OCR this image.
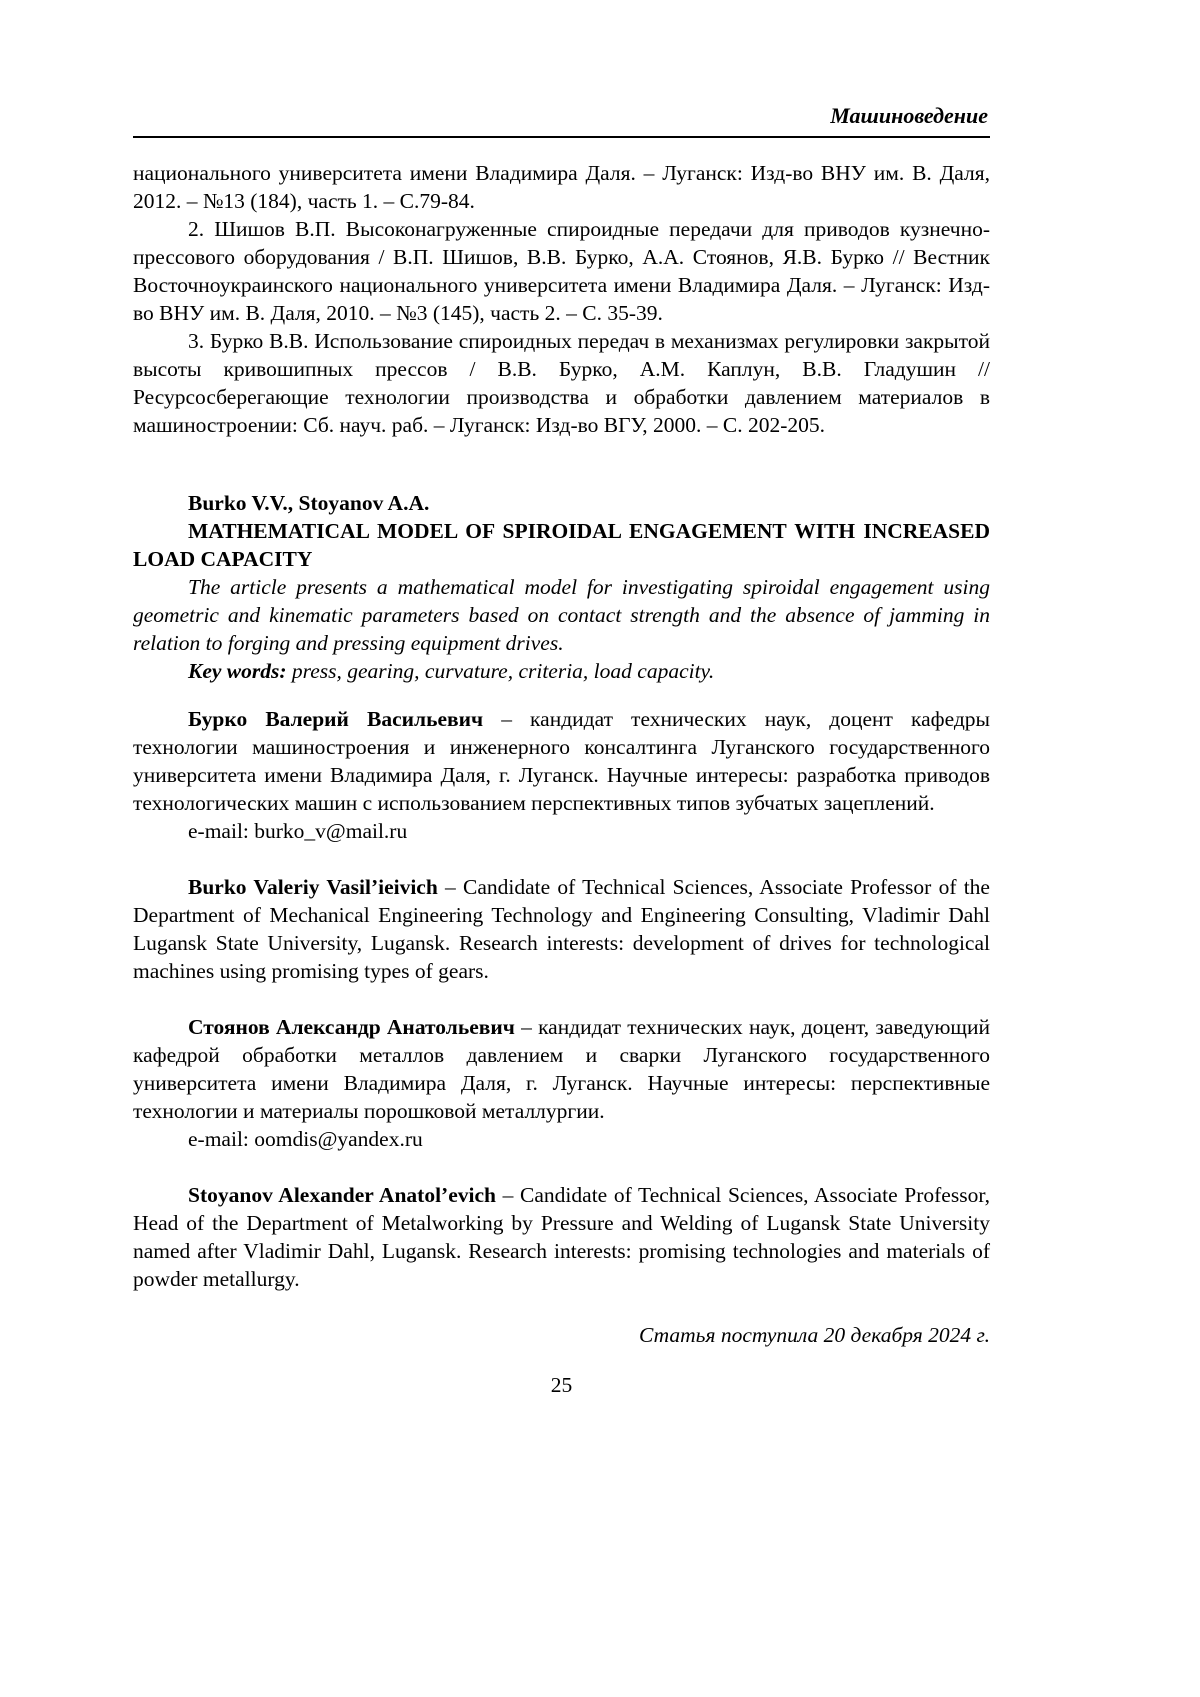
Машиноведение

национального университета имени Владимира Даля. – Луганск: Изд-во ВНУ им. В. Даля, 2012. – №13 (184), часть 1. – С.79-84.

2. Шишов В.П. Высоконагруженные спироидные передачи для приводов кузнечно-прессового оборудования / В.П. Шишов, В.В. Бурко, А.А. Стоянов, Я.В. Бурко // Вестник Восточноукраинского национального университета имени Владимира Даля. – Луганск: Изд-во ВНУ им. В. Даля, 2010. – №3 (145), часть 2. – С. 35-39.

3. Бурко В.В. Использование спироидных передач в механизмах регулировки закрытой высоты кривошипных прессов / В.В. Бурко, А.М. Каплун, В.В. Гладушин // Ресурсосберегающие технологии производства и обработки давлением материалов в машиностроении: Сб. науч. раб. – Луганск: Изд-во ВГУ, 2000. – С. 202-205.

Burko V.V., Stoyanov A.A.

MATHEMATICAL MODEL OF SPIROIDAL ENGAGEMENT WITH INCREASED LOAD CAPACITY

The article presents a mathematical model for investigating spiroidal engagement using geometric and kinematic parameters based on contact strength and the absence of jamming in relation to forging and pressing equipment drives.

Key words: press, gearing, curvature, criteria, load capacity.

Бурко Валерий Васильевич – кандидат технических наук, доцент кафедры технологии машиностроения и инженерного консалтинга Луганского государственного университета имени Владимира Даля, г. Луганск. Научные интересы: разработка приводов технологических машин с использованием перспективных типов зубчатых зацеплений.

e-mail: burko_v@mail.ru

Burko Valeriy Vasil’ieivich – Candidate of Technical Sciences, Associate Professor of the Department of Mechanical Engineering Technology and Engineering Consulting, Vladimir Dahl Lugansk State University, Lugansk. Research interests: development of drives for technological machines using promising types of gears.

Стоянов Александр Анатольевич – кандидат технических наук, доцент, заведующий кафедрой обработки металлов давлением и сварки Луганского государственного университета имени Владимира Даля, г. Луганск. Научные интересы: перспективные технологии и материалы порошковой металлургии.

e-mail: oomdis@yandex.ru

Stoyanov Alexander Anatol’evich – Candidate of Technical Sciences, Associate Professor, Head of the Department of Metalworking by Pressure and Welding of Lugansk State University named after Vladimir Dahl, Lugansk. Research interests: promising technologies and materials of powder metallurgy.

Статья поступила 20 декабря 2024 г.

25
